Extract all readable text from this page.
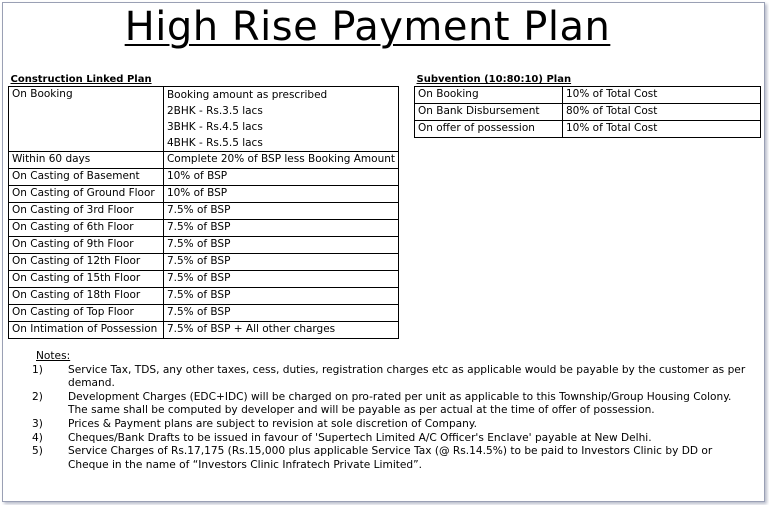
High Rise Payment Plan
Construction Linked Plan	
On Booking	Booking amount as prescribed
2BHK - Rs.3.5 lacs
3BHK - Rs.4.5 lacs
4BHK - Rs.5.5 lacs

Within 60 days	Complete 20% of BSP less Booking Amount
On Casting of Basement	10% of BSP
On Casting of Ground Floor	10% of BSP
On Casting of 3rd Floor	7.5% of BSP
On Casting of 6th Floor	7.5% of BSP
On Casting of 9th Floor	7.5% of BSP
On Casting of 12th Floor	7.5% of BSP
On Casting of 15th Floor	7.5% of BSP
On Casting of 18th Floor	7.5% of BSP
On Casting of Top Floor	7.5% of BSP
On Intimation of Possession	7.5% of BSP + All other charges
Subvention (10:80:10) Plan	
On Booking	10% of Total Cost
On Bank Disbursement	80% of Total Cost
On offer of possession	10% of Total Cost
Notes:
1) Service Tax, TDS, any other taxes, cess, duties, registration charges etc as applicable would be payable by the customer as per demand.
2) Development Charges (EDC+IDC) will be charged on pro-rated per unit as applicable to this Township/Group Housing Colony. The same shall be computed by developer and will be payable as per actual at the time of offer of possession.
3) Prices & Payment plans are subject to revision at sole discretion of Company.
4) Cheques/Bank Drafts to be issued in favour of 'Supertech Limited A/C Officer's Enclave' payable at New Delhi.
5) Service Charges of Rs.17,175 (Rs.15,000 plus applicable Service Tax (@ Rs.14.5%) to be paid to Investors Clinic by DD or Cheque in the name of “Investors Clinic Infratech Private Limited”.
